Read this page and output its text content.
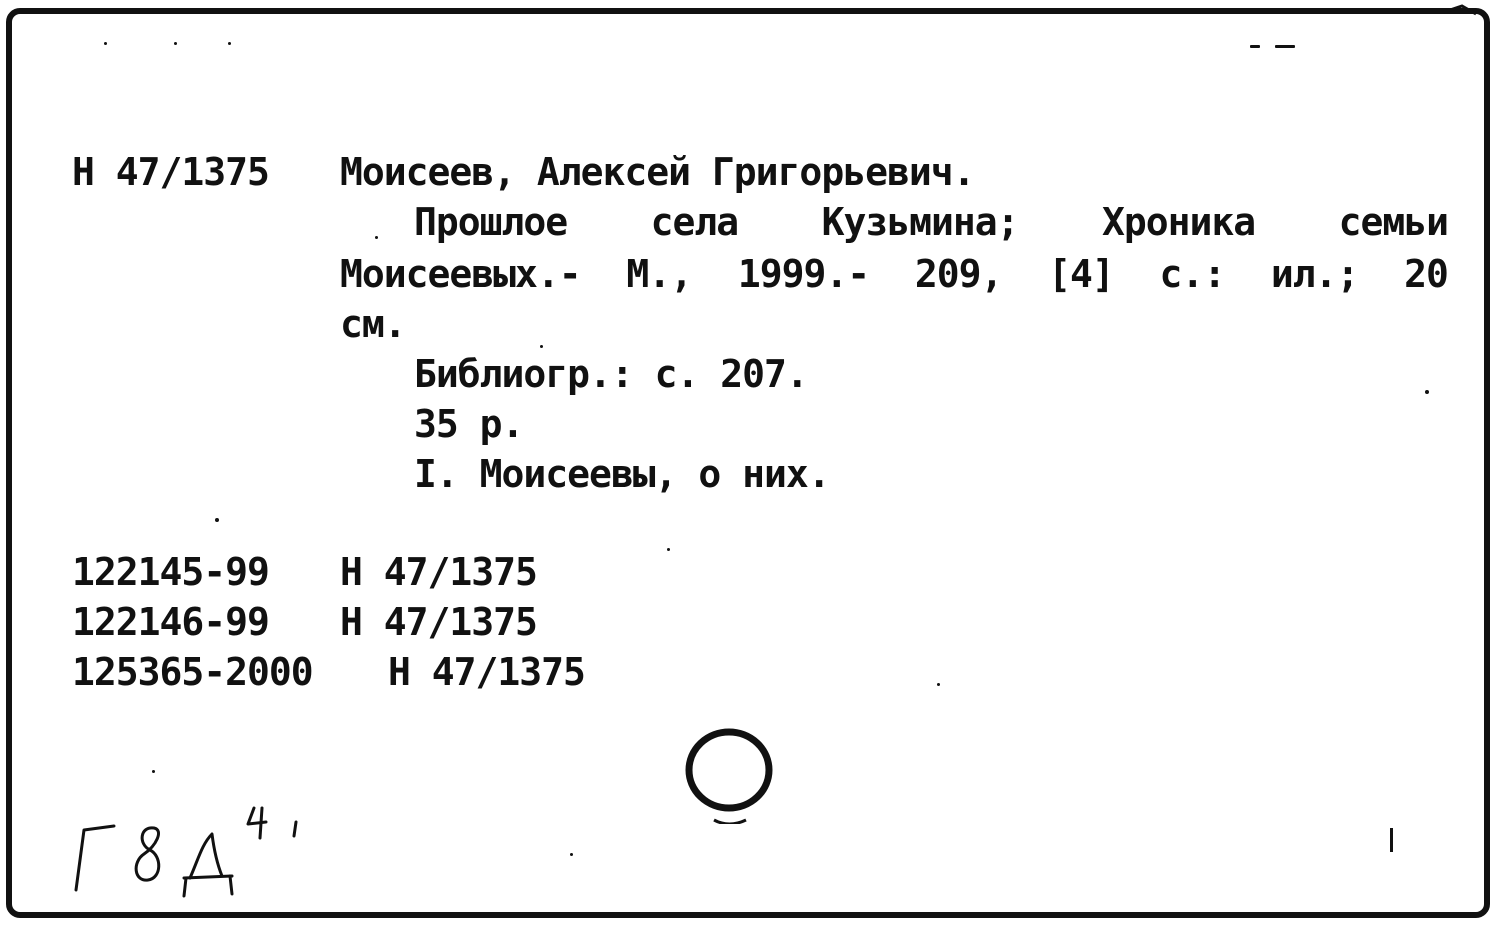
Н 47/1375 Моисеев, Алексей Григорьевич.
Прошлое села Кузьмина; Хроника семьи
Моисеевых.- М., 1999.- 209, [4] с.: ил.; 20
см.
Библиогр.: с. 207.
35 р.
I. Моисеевы, о них.
122145-99 Н 47/1375
122146-99 Н 47/1375
125365-2000 Н 47/1375
